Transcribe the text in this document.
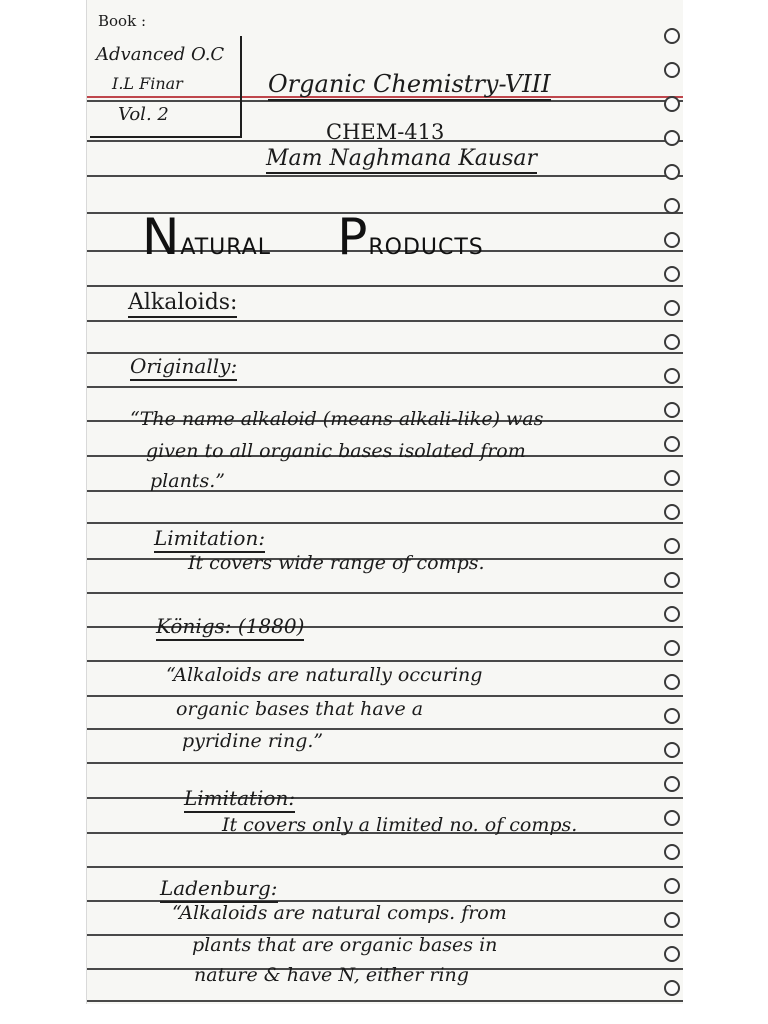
Book :
Advanced O.C
I.L Finar
Vol. 2
Organic Chemistry-VIII
CHEM-413
Mam Naghmana Kausar
NATURAL PRODUCTS
Alkaloids:
Originally:
“The name alkaloid (means alkali-like) was
given to all organic bases isolated from
plants.”
Limitation:
It covers wide range of comps.
Königs: (1880)
“Alkaloids are naturally occuring
organic bases that have a
pyridine ring.”
Limitation:
It covers only a limited no. of comps.
Ladenburg:
“Alkaloids are natural comps. from
plants that are organic bases in
nature & have N, either ring
